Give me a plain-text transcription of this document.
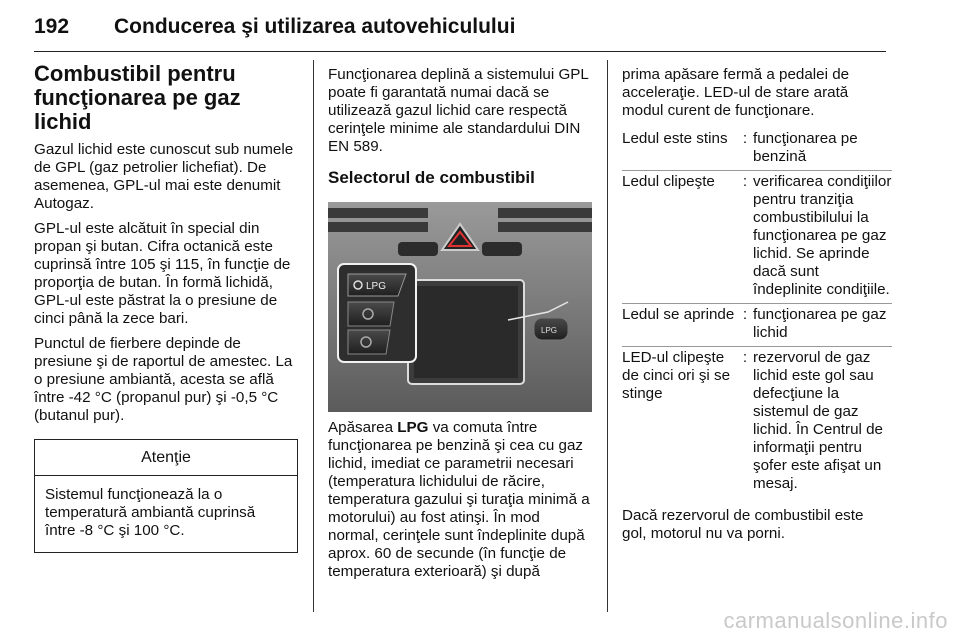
192 Conducerea şi utilizarea autovehiculului
Combustibil pentru funcţionarea pe gaz lichid

Gazul lichid este cunoscut sub numele de GPL (gaz petrolier lichefiat). De asemenea, GPL-ul mai este denumit Autogaz.

GPL-ul este alcătuit în special din propan şi butan. Cifra octanică este cuprinsă între 105 şi 115, în funcţie de proporţia de butan. În formă lichidă, GPL-ul este păstrat la o presiune de cinci până la zece bari.

Punctul de fierbere depinde de presiune şi de raportul de amestec. La o presiune ambiantă, acesta se află între -42 °C (propanul pur) şi -0,5 °C (butanul pur).

Atenţie
Sistemul funcţionează la o temperatură ambiantă cuprinsă între -8 °C şi 100 °C.

Funcţionarea deplină a sistemului GPL poate fi garantată numai dacă se utilizează gazul lichid care respectă cerinţele minime ale standardului DIN EN 589.

Selectorul de combustibil
LPG
LPG

Apăsarea LPG va comuta între funcţionarea pe benzină şi cea cu gaz lichid, imediat ce parametrii necesari (temperatura lichidului de răcire, temperatura gazului şi turaţia minimă a motorului) au fost atinşi. În mod normal, cerinţele sunt îndeplinite după aprox. 60 de secunde (în funcţie de temperatura exterioară) şi după

prima apăsare fermă a pedalei de acceleraţie. LED-ul de stare arată modul curent de funcţionare.

Ledul este stins	: funcţionarea pe benzină
Ledul clipeşte	: verificarea condiţiilor pentru tranziţia combustibilului la funcţionarea pe gaz lichid. Se aprinde dacă sunt îndeplinite condiţiile.
Ledul se aprinde : funcţionarea pe gaz lichid
LED-ul clipeşte de cinci ori şi se stinge
: rezervorul de gaz lichid este gol sau defecţiune la sistemul de gaz lichid. În Centrul de informaţii pentru şofer este afişat un mesaj.

Dacă rezervorul de combustibil este gol, motorul nu va porni.

carmanualsonline.info
